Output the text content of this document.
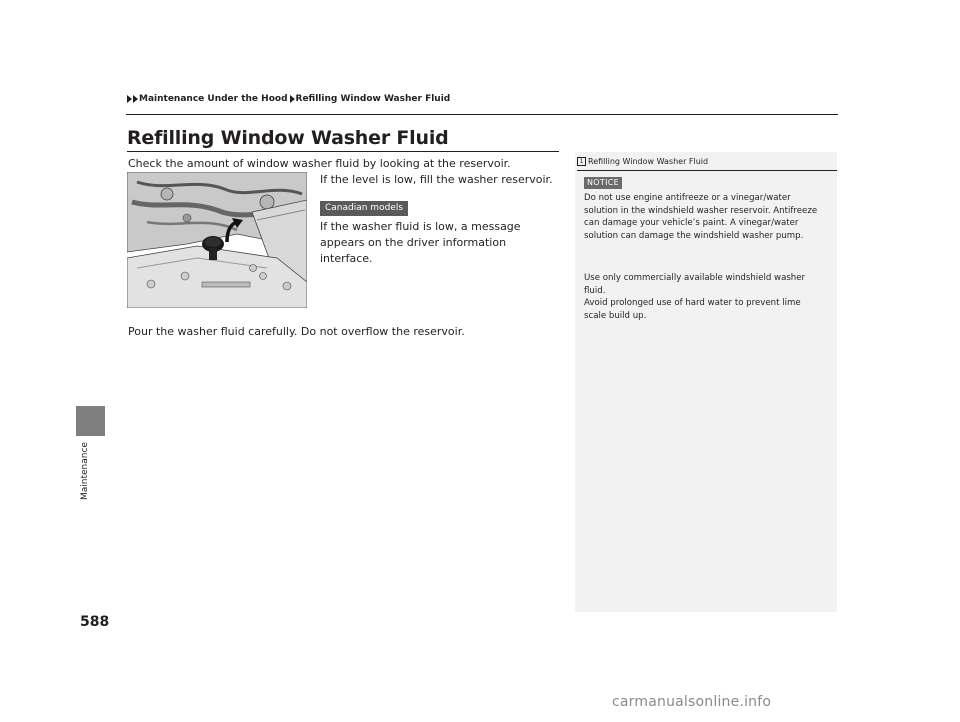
Maintenance Under the Hood Refilling Window Washer Fluid
Maintenance
588
Refilling Window Washer Fluid
Check the amount of window washer fluid by looking at the reservoir.
If the level is low, fill the washer reservoir.
Canadian models
If the washer fluid is low, a message appears on the driver information interface.
Pour the washer fluid carefully. Do not overflow the reservoir.
1 Refilling Window Washer Fluid
NOTICE
Do not use engine antifreeze or a vinegar/water solution in the windshield washer reservoir. Antifreeze can damage your vehicle’s paint. A vinegar/water solution can damage the windshield washer pump.
Use only commercially available windshield washer fluid.
Avoid prolonged use of hard water to prevent lime scale build up.
carmanualsonline.info
